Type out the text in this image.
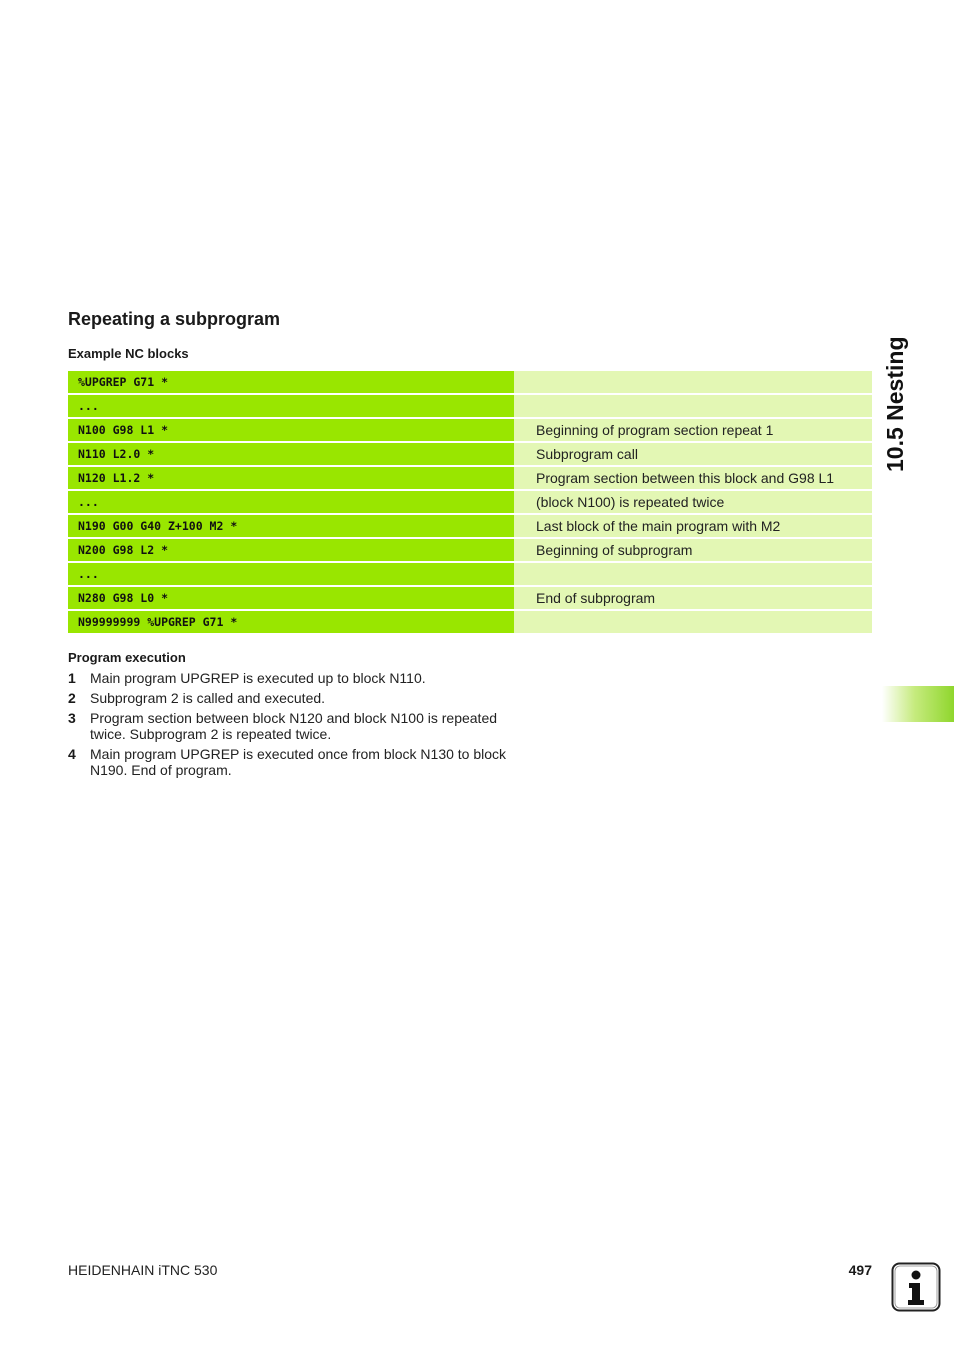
Repeating a subprogram
Example NC blocks
%UPGREP G71 *
...
N100 G98 L1 *	Beginning of program section repeat 1
N110 L2.0 *	Subprogram call
N120 L1.2 *	Program section between this block and G98 L1
...	(block N100) is repeated twice
N190 G00 G40 Z+100 M2 *	Last block of the main program with M2
N200 G98 L2 *	Beginning of subprogram
...
N280 G98 L0 *	End of subprogram
N99999999 %UPGREP G71 *
Program execution
1	Main program UPGREP is executed up to block N110.
2	Subprogram 2 is called and executed.
3	Program section between block N120 and block N100 is repeated twice. Subprogram 2 is repeated twice.
4	Main program UPGREP is executed once from block N130 to block N190. End of program.
10.5 Nesting
HEIDENHAIN iTNC 530	497
